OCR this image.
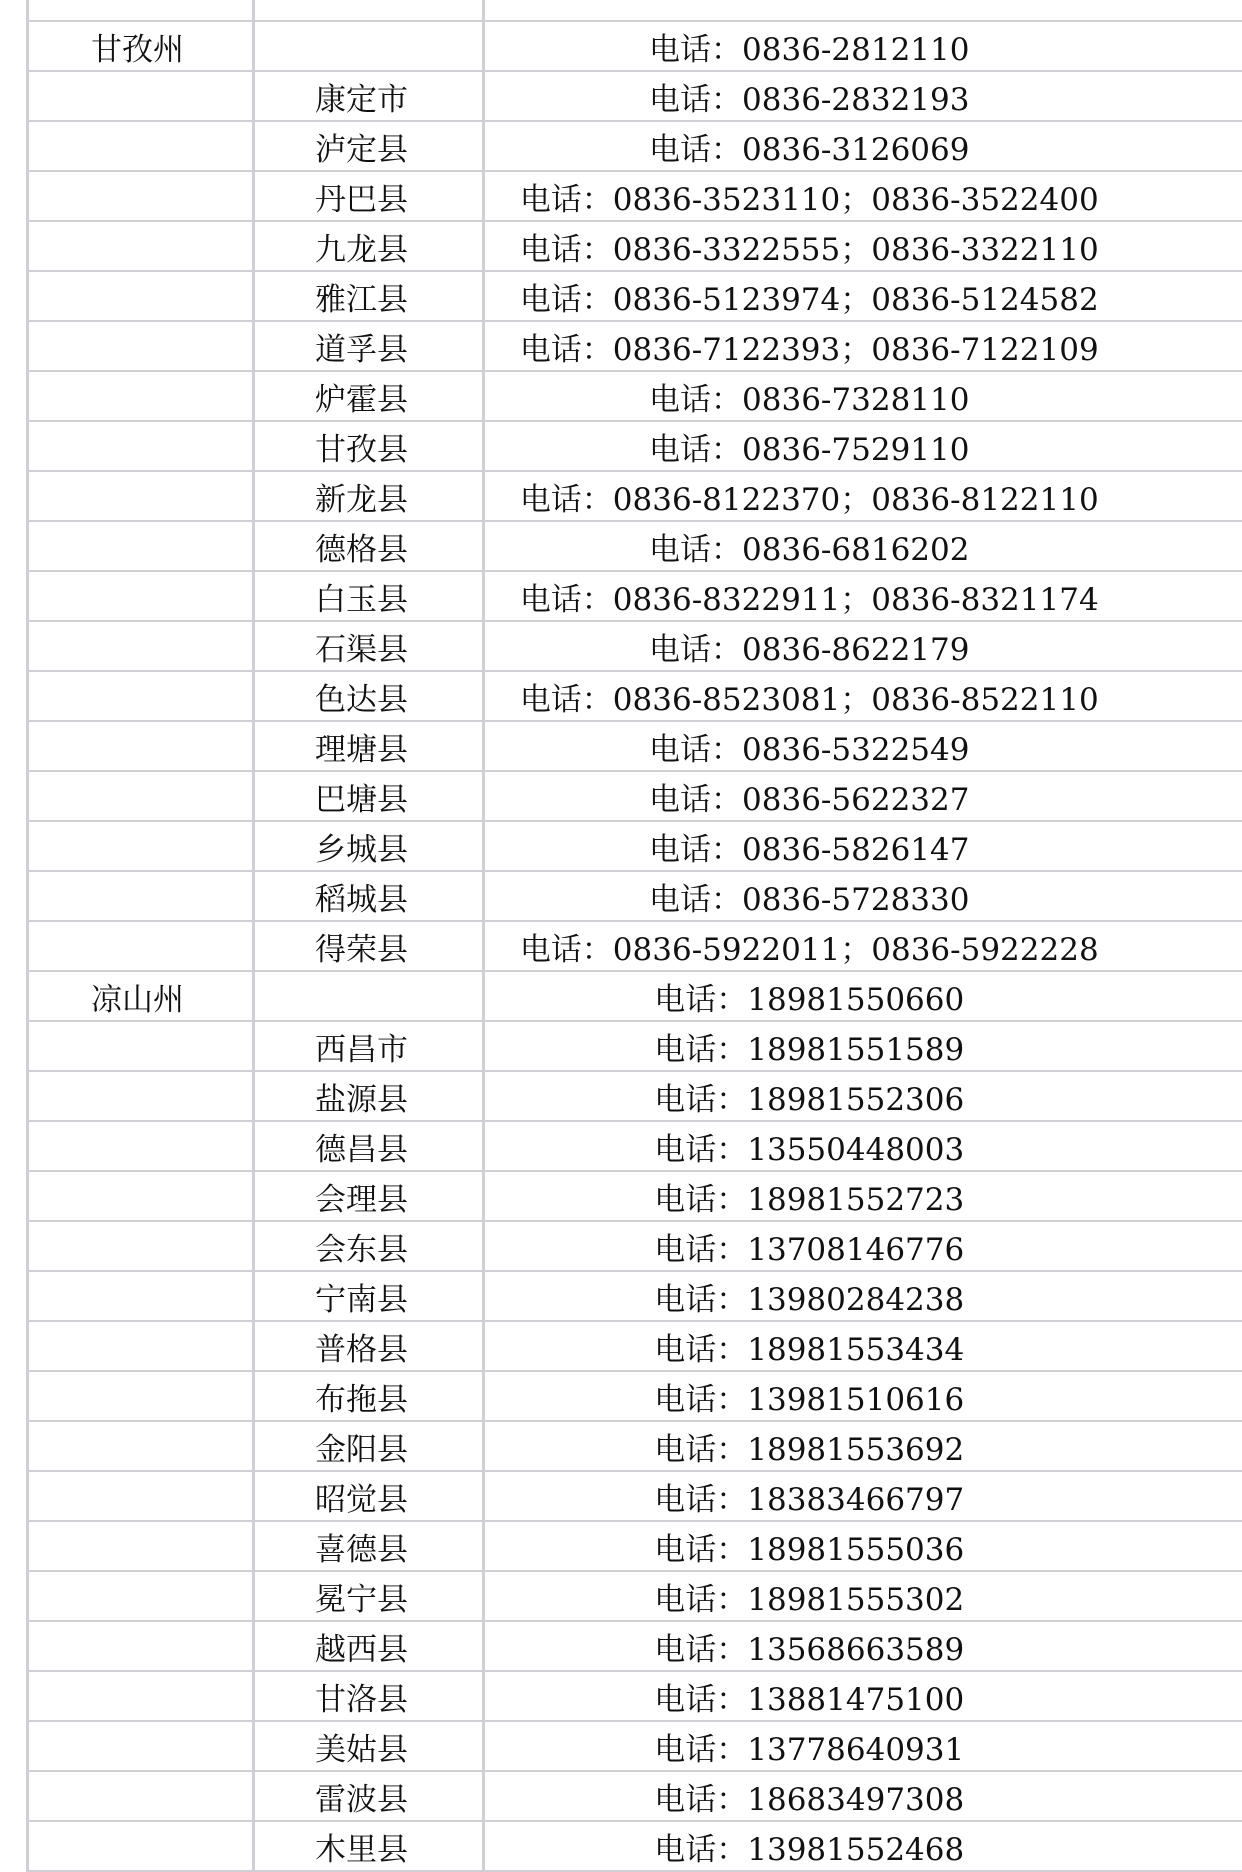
甘孜州		电话：0836-2812110
	康定市	电话：0836-2832193
	泸定县	电话：0836-3126069
	丹巴县	电话：0836-3523110；0836-3522400
	九龙县	电话：0836-3322555；0836-3322110
	雅江县	电话：0836-5123974；0836-5124582
	道孚县	电话：0836-7122393；0836-7122109
	炉霍县	电话：0836-7328110
	甘孜县	电话：0836-7529110
	新龙县	电话：0836-8122370；0836-8122110
	德格县	电话：0836-6816202
	白玉县	电话：0836-8322911；0836-8321174
	石渠县	电话：0836-8622179
	色达县	电话：0836-8523081；0836-8522110
	理塘县	电话：0836-5322549
	巴塘县	电话：0836-5622327
	乡城县	电话：0836-5826147
	稻城县	电话：0836-5728330
	得荣县	电话：0836-5922011；0836-5922228
凉山州		电话：18981550660
	西昌市	电话：18981551589
	盐源县	电话：18981552306
	德昌县	电话：13550448003
	会理县	电话：18981552723
	会东县	电话：13708146776
	宁南县	电话：13980284238
	普格县	电话：18981553434
	布拖县	电话：13981510616
	金阳县	电话：18981553692
	昭觉县	电话：18383466797
	喜德县	电话：18981555036
	冕宁县	电话：18981555302
	越西县	电话：13568663589
	甘洛县	电话：13881475100
	美姑县	电话：13778640931
	雷波县	电话：18683497308
	木里县	电话：13981552468
